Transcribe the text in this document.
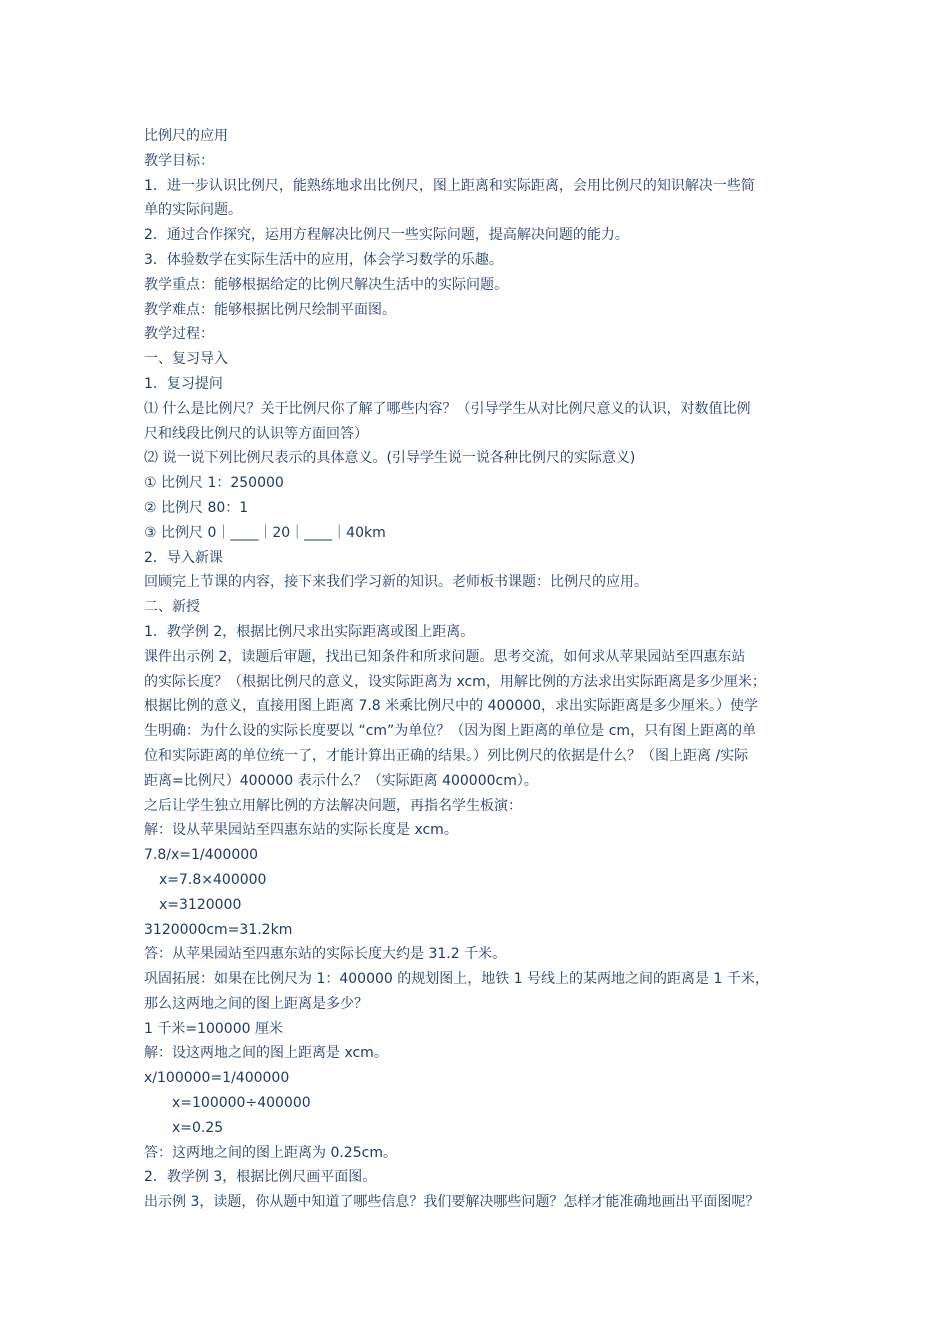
比例尺的应用
教学目标：
1．进一步认识比例尺，能熟练地求出比例尺，图上距离和实际距离，会用比例尺的知识解决一些简
单的实际问题。
2．通过合作探究，运用方程解决比例尺一些实际问题，提高解决问题的能力。
3．体验数学在实际生活中的应用，体会学习数学的乐趣。
教学重点：能够根据给定的比例尺解决生活中的实际问题。
教学难点：能够根据比例尺绘制平面图。
教学过程：
一、复习导入
1．复习提问
⑴ 什么是比例尺？关于比例尺你了解了哪些内容？（引导学生从对比例尺意义的认识，对数值比例
尺和线段比例尺的认识等方面回答）
⑵ 说一说下列比例尺表示的具体意义。(引导学生说一说各种比例尺的实际意义)
① 比例尺 1：250000
② 比例尺 80：1
③ 比例尺 0｜____｜20｜____｜40km
2．导入新课
回顾完上节课的内容，接下来我们学习新的知识。老师板书课题：比例尺的应用。
二、新授
1．教学例 2，根据比例尺求出实际距离或图上距离。
课件出示例 2，读题后审题，找出已知条件和所求问题。思考交流，如何求从苹果园站至四惠东站
的实际长度？（根据比例尺的意义，设实际距离为 xcm，用解比例的方法求出实际距离是多少厘米；
根据比例的意义，直接用图上距离 7.8 米乘比例尺中的 400000，求出实际距离是多少厘米。）使学
生明确：为什么设的实际长度要以 “cm”为单位？（因为图上距离的单位是 cm，只有图上距离的单
位和实际距离的单位统一了，才能计算出正确的结果。）列比例尺的依据是什么？（图上距离 /实际
距离=比例尺）400000 表示什么？（实际距离 400000cm）。
之后让学生独立用解比例的方法解决问题，再指名学生板演：
解：设从苹果园站至四惠东站的实际长度是 xcm。
7.8/x=1/400000
x=7.8×400000
x=3120000
3120000cm=31.2km
答：从苹果园站至四惠东站的实际长度大约是 31.2 千米。
巩固拓展：如果在比例尺为 1：400000 的规划图上，地铁 1 号线上的某两地之间的距离是 1 千米，
那么这两地之间的图上距离是多少？
1 千米=100000 厘米
解：设这两地之间的图上距离是 xcm。
x/100000=1/400000
x=100000÷400000
x=0.25
答：这两地之间的图上距离为 0.25cm。
2．教学例 3，根据比例尺画平面图。
出示例 3，读题，你从题中知道了哪些信息？我们要解决哪些问题？怎样才能准确地画出平面图呢？
